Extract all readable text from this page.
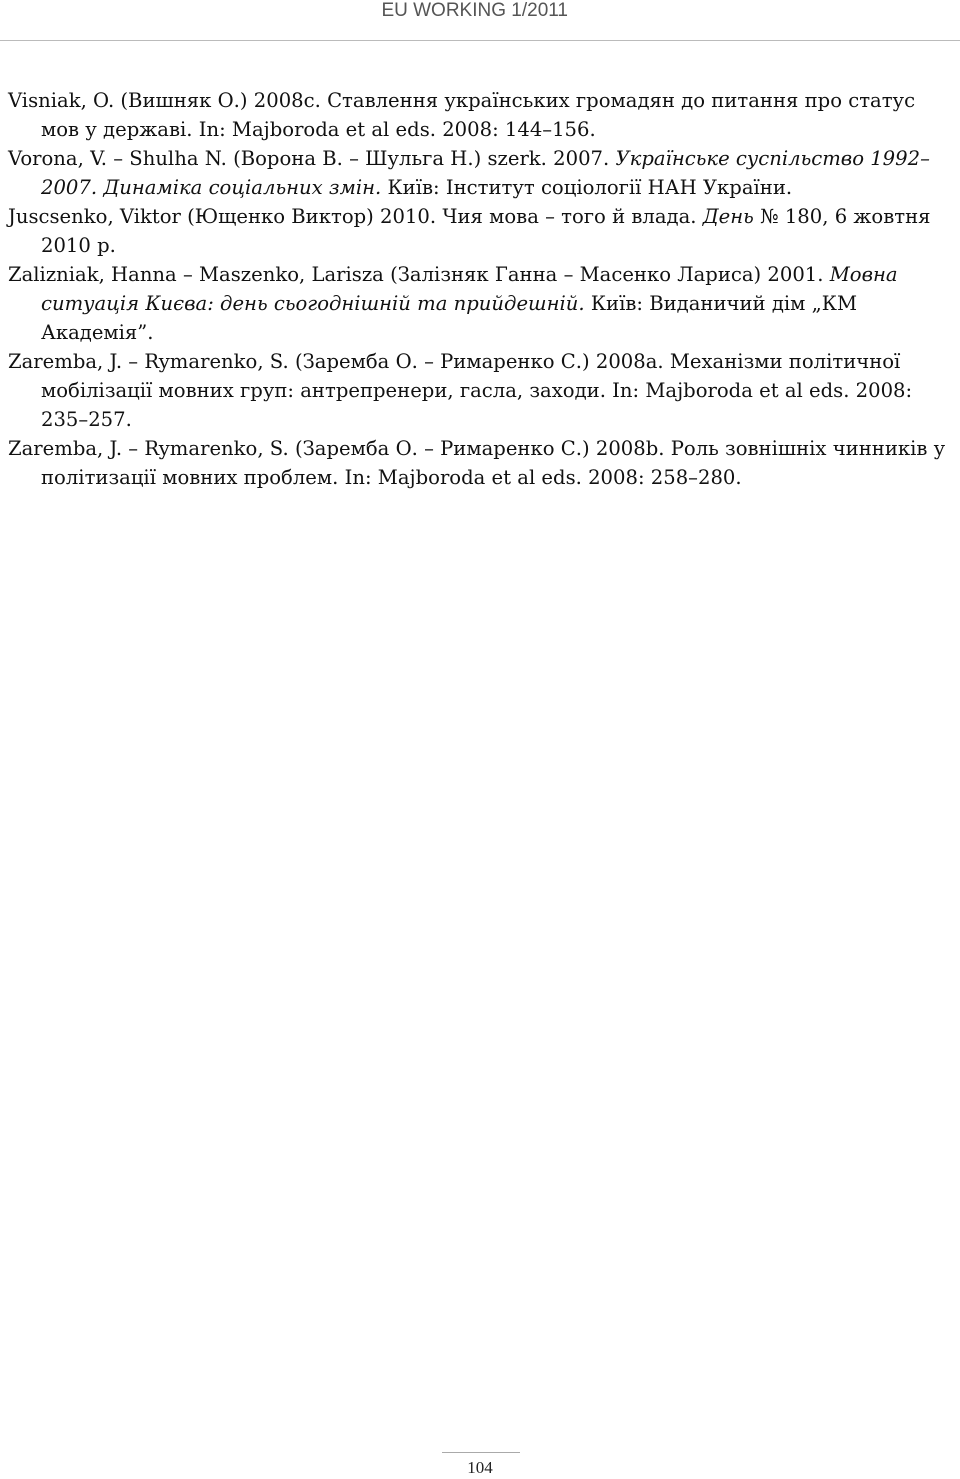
EU WORKING 1/2011
Visniak, O. (Вишняк О.) 2008c. Ставлення українських громадян до питання про статус мов у державі. In: Majboroda et al eds. 2008: 144–156.
Vorona, V. – Shulha N. (Ворона В. – Шульга Н.) szerk. 2007. Українське суспільство 1992–2007. Динаміка соціальних змін. Київ: Інститут соціології НАН України.
Juscsenko, Viktor (Ющенко Виктор) 2010. Чия мова – того й влада. День № 180, 6 жовтня 2010 р.
Zalizniak, Hanna – Maszenko, Larisza (Залізняк Ганна – Масенко Лариса) 2001. Мовна ситуація Києва: день сьогоднішній та прийдешній. Київ: Виданичий дім „КМ Академія”.
Zaremba, J. – Rymarenko, S. (Заремба О. – Римаренко С.) 2008a. Механізми політичної мобілізації мовних груп: антрепренери, гасла, заходи. In: Majboroda et al eds. 2008: 235–257.
Zaremba, J. – Rymarenko, S. (Заремба О. – Римаренко С.) 2008b. Роль зовнішніх чинників у політизації мовних проблем. In: Majboroda et al eds. 2008: 258–280.
104
